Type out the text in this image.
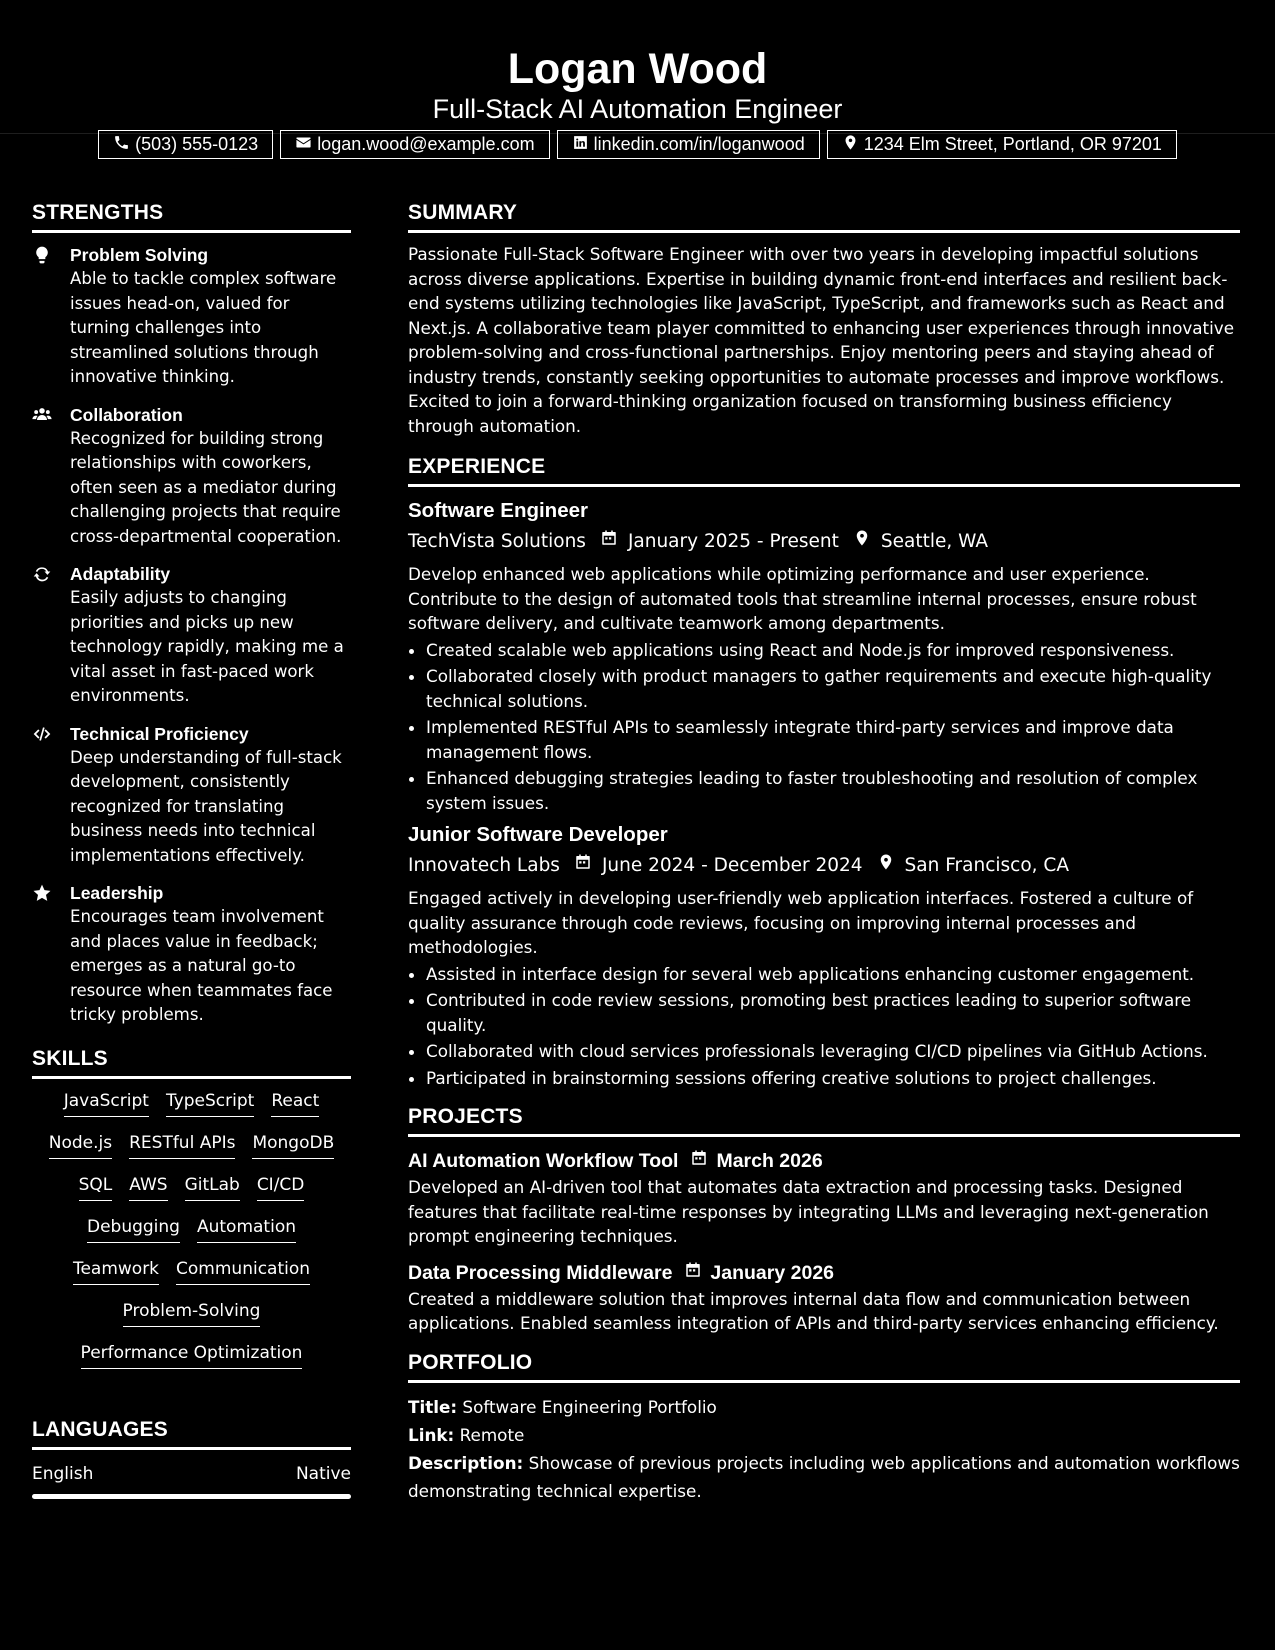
Logan Wood
Full-Stack AI Automation Engineer
(503) 555-0123	logan.wood@example.com	linkedin.com/in/loganwood	1234 Elm Street, Portland, OR 97201
STRENGTHS
Problem Solving
Able to tackle complex software issues head-on, valued for turning challenges into streamlined solutions through innovative thinking.
Collaboration
Recognized for building strong relationships with coworkers, often seen as a mediator during challenging projects that require cross-departmental cooperation.
Adaptability
Easily adjusts to changing priorities and picks up new technology rapidly, making me a vital asset in fast-paced work environments.
Technical Proficiency
Deep understanding of full-stack development, consistently recognized for translating business needs into technical implementations effectively.
Leadership
Encourages team involvement and places value in feedback; emerges as a natural go-to resource when teammates face tricky problems.
SKILLS
JavaScript TypeScript React
Node.js RESTful APIs MongoDB
SQL AWS GitLab CI/CD
Debugging Automation
Teamwork Communication
Problem-Solving
Performance Optimization
LANGUAGES
English	Native
SUMMARY
Passionate Full-Stack Software Engineer with over two years in developing impactful solutions across diverse applications. Expertise in building dynamic front-end interfaces and resilient back-end systems utilizing technologies like JavaScript, TypeScript, and frameworks such as React and Next.js. A collaborative team player committed to enhancing user experiences through innovative problem-solving and cross-functional partnerships. Enjoy mentoring peers and staying ahead of industry trends, constantly seeking opportunities to automate processes and improve workflows. Excited to join a forward-thinking organization focused on transforming business efficiency through automation.
EXPERIENCE
Software Engineer
TechVista Solutions January 2025 - Present Seattle, WA
Develop enhanced web applications while optimizing performance and user experience. Contribute to the design of automated tools that streamline internal processes, ensure robust software delivery, and cultivate teamwork among departments.
• Created scalable web applications using React and Node.js for improved responsiveness.
• Collaborated closely with product managers to gather requirements and execute high-quality technical solutions.
• Implemented RESTful APIs to seamlessly integrate third-party services and improve data management flows.
• Enhanced debugging strategies leading to faster troubleshooting and resolution of complex system issues.
Junior Software Developer
Innovatech Labs June 2024 - December 2024 San Francisco, CA
Engaged actively in developing user-friendly web application interfaces. Fostered a culture of quality assurance through code reviews, focusing on improving internal processes and methodologies.
• Assisted in interface design for several web applications enhancing customer engagement.
• Contributed in code review sessions, promoting best practices leading to superior software quality.
• Collaborated with cloud services professionals leveraging CI/CD pipelines via GitHub Actions.
• Participated in brainstorming sessions offering creative solutions to project challenges.
PROJECTS
AI Automation Workflow Tool March 2026
Developed an AI-driven tool that automates data extraction and processing tasks. Designed features that facilitate real-time responses by integrating LLMs and leveraging next-generation prompt engineering techniques.
Data Processing Middleware January 2026
Created a middleware solution that improves internal data flow and communication between applications. Enabled seamless integration of APIs and third-party services enhancing efficiency.
PORTFOLIO
Title: Software Engineering Portfolio
Link: Remote
Description: Showcase of previous projects including web applications and automation workflows demonstrating technical expertise.
